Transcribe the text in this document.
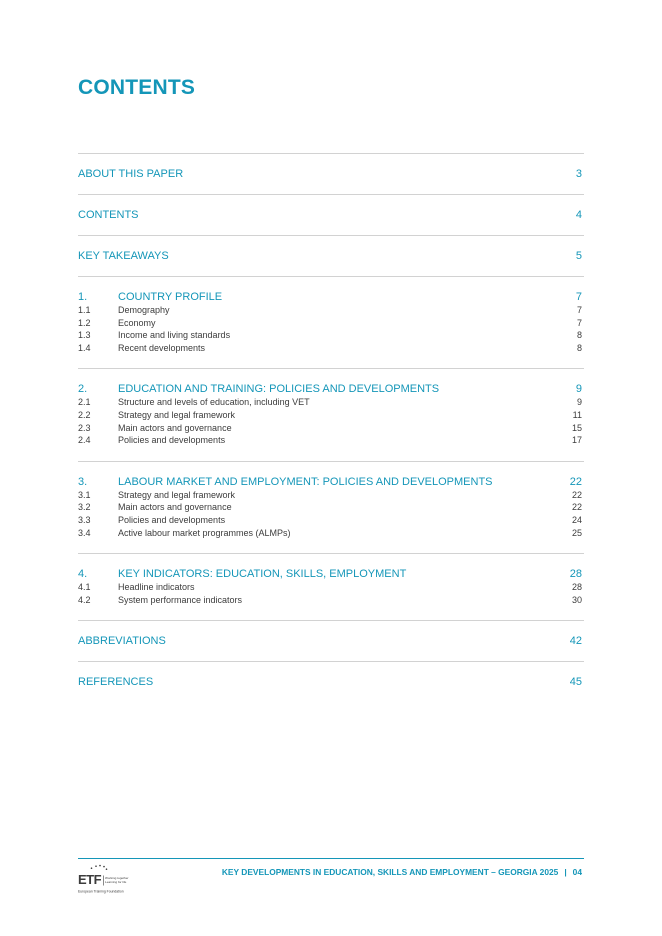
CONTENTS
ABOUT THIS PAPER	3
CONTENTS	4
KEY TAKEAWAYS	5
1.	COUNTRY PROFILE	7
1.1	Demography	7
1.2	Economy	7
1.3	Income and living standards	8
1.4	Recent developments	8
2.	EDUCATION AND TRAINING: POLICIES AND DEVELOPMENTS	9
2.1	Structure and levels of education, including VET	9
2.2	Strategy and legal framework	11
2.3	Main actors and governance	15
2.4	Policies and developments	17
3.	LABOUR MARKET AND EMPLOYMENT: POLICIES AND DEVELOPMENTS	22
3.1	Strategy and legal framework	22
3.2	Main actors and governance	22
3.3	Policies and developments	24
3.4	Active labour market programmes (ALMPs)	25
4.	KEY INDICATORS: EDUCATION, SKILLS, EMPLOYMENT	28
4.1	Headline indicators	28
4.2	System performance indicators	30
ABBREVIATIONS	42
REFERENCES	45
ETF Working together
Learning for life
European Training Foundation
KEY DEVELOPMENTS IN EDUCATION, SKILLS AND EMPLOYMENT – GEORGIA 2025 | 04
